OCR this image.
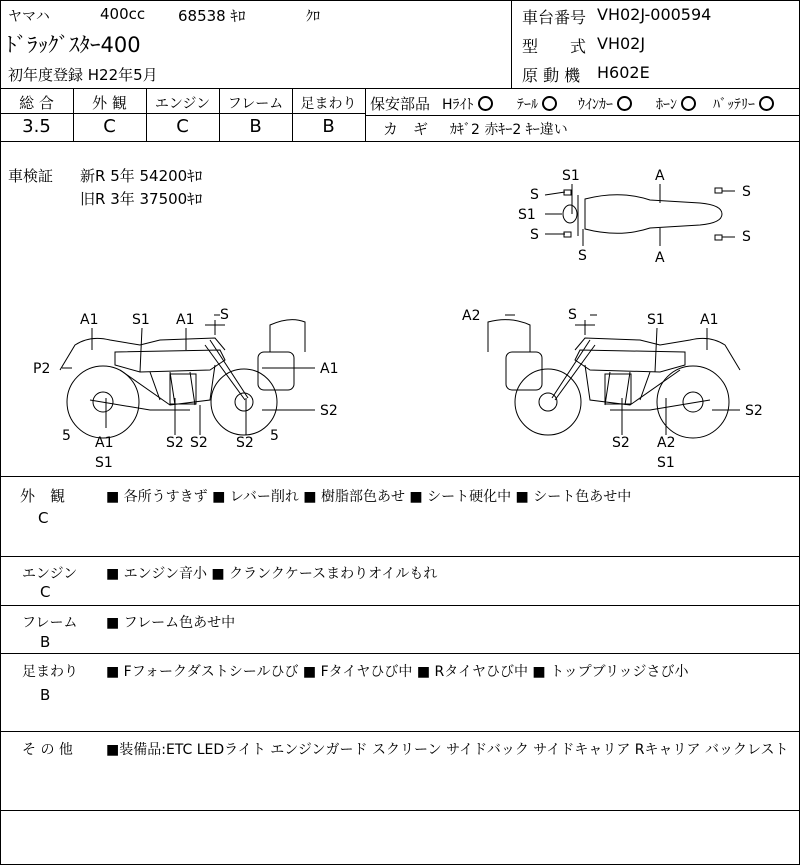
ヤマハ	400cc 68538 ｷﾛ	ｸﾛ
ﾄﾞﾗｯｸﾞｽﾀｰ400
初年度登録 H22年5月
車台番号 VH02J-000594
型　　式 VH02J
原 動 機 H602E
総 合	外 観	エンジン	フレーム	足まわり
3.5	C	C	B	B
保安部品 Hﾗｲﾄ	ﾃｰﾙ	ｳｲﾝｶｰ	ﾎｰﾝ	ﾊﾞｯﾃﾘｰ
カ　ギ ｶｷﾞ2 赤ｷｰ2 ｷｰ違い
車検証 新R 5年 54200ｷﾛ
旧R 3年 37500ｷﾛ
S1	A
S	S
S1
S	S
S	A
A1 S1 A1 S
P2	A1
5
S2
A1
S1
S2 S2 S2 5
A2	S	S1	A1
S2
S2 A2
S1
外　観
C
■ 各所うすきず ■ レバー削れ ■ 樹脂部色あせ ■ シート硬化中 ■ シート色あせ中
エンジン
C
■ エンジン音小 ■ クランクケースまわりオイルもれ
フレーム
B
■ フレーム色あせ中
足まわり
B
■ Fフォークダストシールひび ■ Fタイヤひび中 ■ Rタイヤひび中 ■ トップブリッジさび小
そ の 他 ■装備品:ETC LEDライト エンジンガード スクリーン サイドバック サイドキャリア Rキャリア バックレスト
